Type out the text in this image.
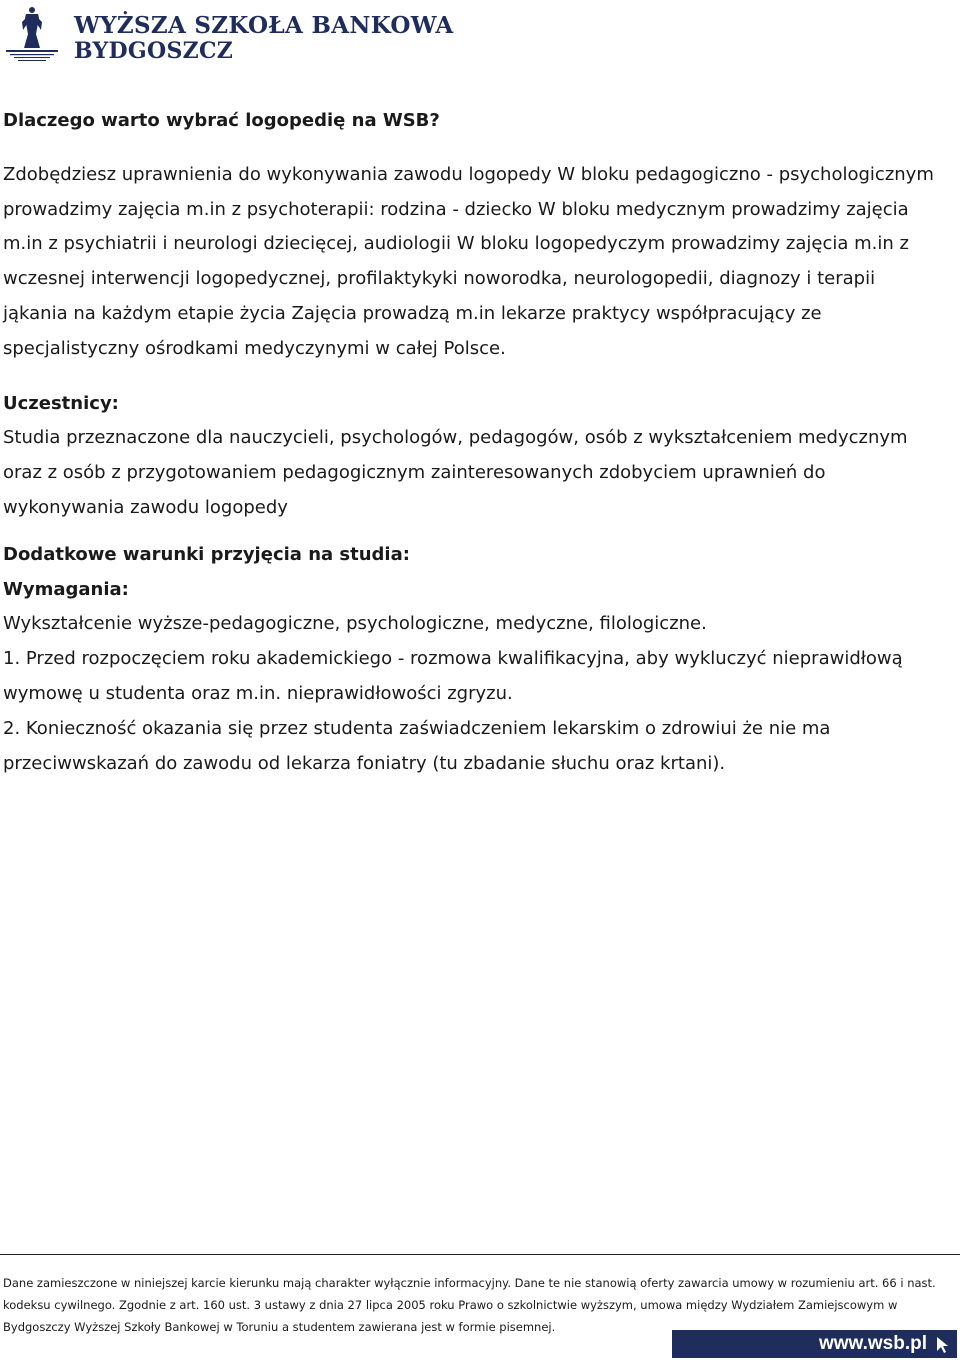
WYŻSZA SZKOŁA BANKOWA
BYDGOSZCZ

Dlaczego warto wybrać logopedię na WSB?

Zdobędziesz uprawnienia do wykonywania zawodu logopedy W bloku pedagogiczno - psychologicznym prowadzimy zajęcia m.in z psychoterapii: rodzina - dziecko W bloku medycznym prowadzimy zajęcia m.in z psychiatrii i neurologi dziecięcej, audiologii W bloku logopedyczym prowadzimy zajęcia m.in z wczesnej interwencji logopedycznej, profilaktykyki noworodka, neurologopedii, diagnozy i terapii jąkania na każdym etapie życia Zajęcia prowadzą m.in lekarze praktycy współpracujący ze specjalistyczny ośrodkami medyczynymi w całej Polsce.

Uczestnicy:

Studia przeznaczone dla nauczycieli, psychologów, pedagogów, osób z wykształceniem medycznym oraz z osób z przygotowaniem pedagogicznym zainteresowanych zdobyciem uprawnień do wykonywania zawodu logopedy

Dodatkowe warunki przyjęcia na studia:

Wymagania:

Wykształcenie wyższe-pedagogiczne, psychologiczne, medyczne, filologiczne.

1. Przed rozpoczęciem roku akademickiego - rozmowa kwalifikacyjna, aby wykluczyć nieprawidłową wymowę u studenta oraz m.in. nieprawidłowości zgryzu.

2. Konieczność okazania się przez studenta zaświadczeniem lekarskim o zdrowiui że nie ma przeciwwskazań do zawodu od lekarza foniatry (tu zbadanie słuchu oraz krtani).

Dane zamieszczone w niniejszej karcie kierunku mają charakter wyłącznie informacyjny. Dane te nie stanowią oferty zawarcia umowy w rozumieniu art. 66 i nast. kodeksu cywilnego. Zgodnie z art. 160 ust. 3 ustawy z dnia 27 lipca 2005 roku Prawo o szkolnictwie wyższym, umowa między Wydziałem Zamiejscowym w Bydgoszczy Wyższej Szkoły Bankowej w Toruniu a studentem zawierana jest w formie pisemnej.
www.wsb.pl
